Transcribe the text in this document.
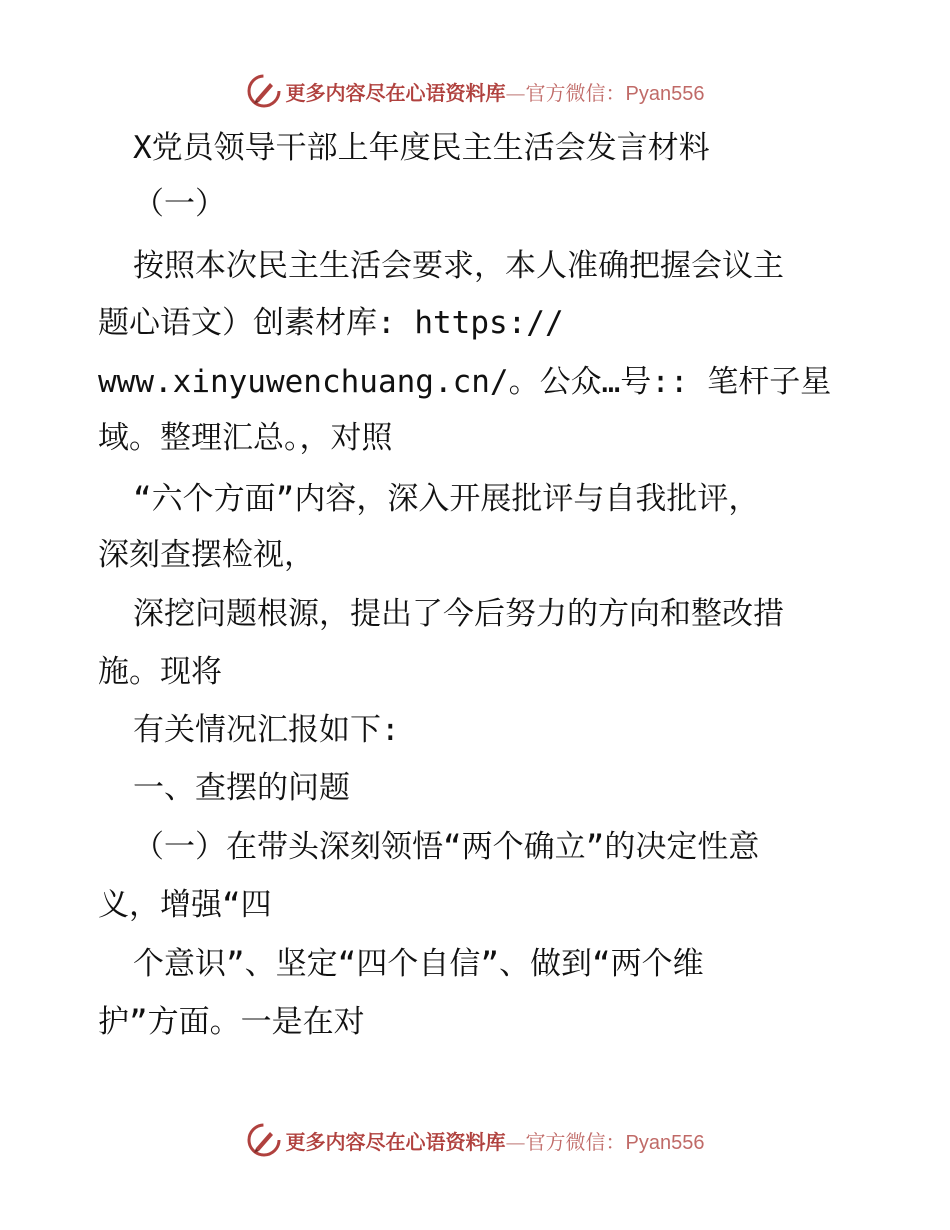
更多内容尽在心语资料库—官方微信：Pyan556
X党员领导干部上年度民主生活会发言材料
（一）
按照本次民主生活会要求，本人准确把握会议主
题心语文）创素材库: https://
www.xinyuwenchuang.cn/。公众…号:: 笔杆子星
域。整理汇总。，对照
“六个方面”内容，深入开展批评与自我批评，
深刻查摆检视，
深挖问题根源，提出了今后努力的方向和整改措
施。现将
有关情况汇报如下:
一、查摆的问题
（一）在带头深刻领悟“两个确立”的决定性意
义，增强“四
个意识”、坚定“四个自信”、做到“两个维
护”方面。一是在对
更多内容尽在心语资料库—官方微信：Pyan556
